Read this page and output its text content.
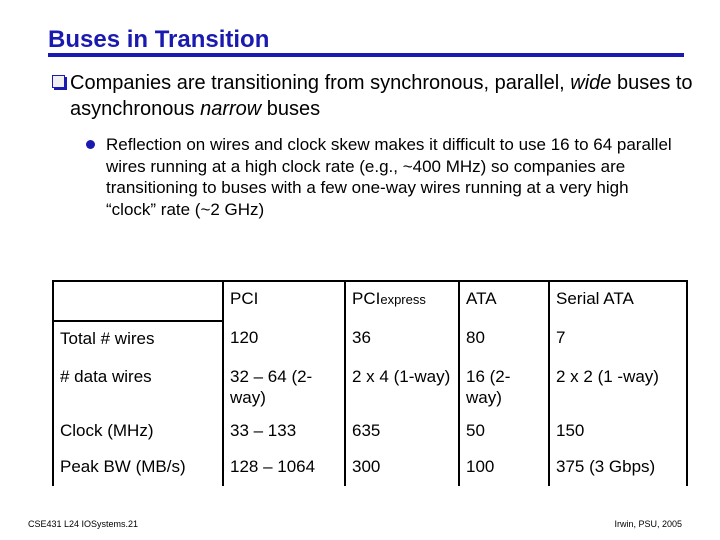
Buses in Transition
Companies are transitioning from synchronous, parallel, wide buses to asynchronous narrow buses
Reflection on wires and clock skew makes it difficult to use 16 to 64 parallel wires running at a high clock rate (e.g., ~400 MHz) so companies are transitioning to buses with a few one-way wires running at a very high “clock” rate (~2 GHz)
	PCI	PCIexpress	ATA	Serial ATA
Total # wires	120	36	80	7
# data wires	32 – 64 (2-way)	2 x 4 (1-way)	16 (2-way)	2 x 2 (1 -way)
Clock (MHz)	33 – 133	635	50	150
Peak BW (MB/s)	128 – 1064	300	100	375 (3 Gbps)
CSE431 L24 IOSystems.21	Irwin, PSU, 2005
